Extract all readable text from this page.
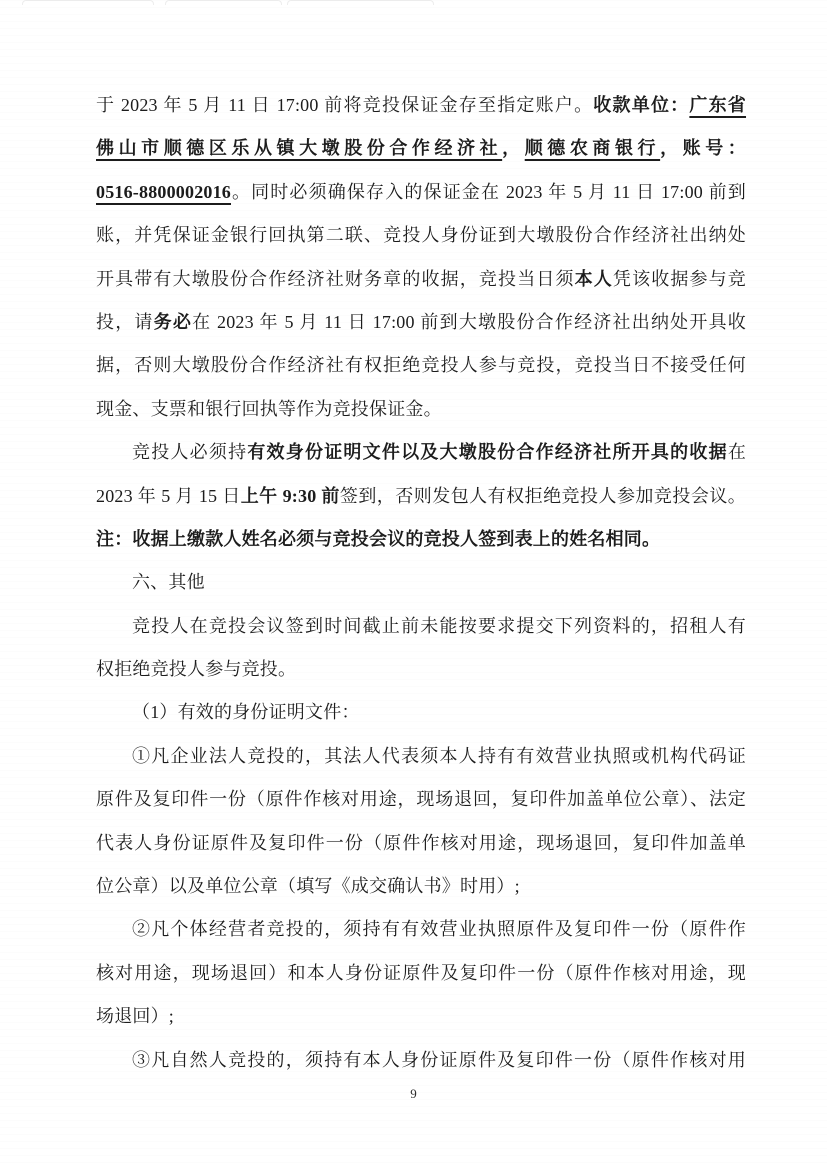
于 2023 年 5 月 11 日 17:00 前将竞投保证金存至指定账户。收款单位：广东省
佛山市顺德区乐从镇大墩股份合作经济社，顺德农商银行，账号：
0516-8800002016。同时必须确保存入的保证金在 2023 年 5 月 11 日 17:00 前到
账，并凭保证金银行回执第二联、竞投人身份证到大墩股份合作经济社出纳处
开具带有大墩股份合作经济社财务章的收据，竞投当日须本人凭该收据参与竞
投，请务必在 2023 年 5 月 11 日 17:00 前到大墩股份合作经济社出纳处开具收
据，否则大墩股份合作经济社有权拒绝竞投人参与竞投，竞投当日不接受任何
现金、支票和银行回执等作为竞投保证金。
竞投人必须持有效身份证明文件以及大墩股份合作经济社所开具的收据在
2023 年 5 月 15 日上午 9:30 前签到，否则发包人有权拒绝竞投人参加竞投会议。
注：收据上缴款人姓名必须与竞投会议的竞投人签到表上的姓名相同。
六、其他
竞投人在竞投会议签到时间截止前未能按要求提交下列资料的，招租人有
权拒绝竞投人参与竞投。
（1）有效的身份证明文件：
①凡企业法人竞投的，其法人代表须本人持有有效营业执照或机构代码证
原件及复印件一份（原件作核对用途，现场退回，复印件加盖单位公章）、法定
代表人身份证原件及复印件一份（原件作核对用途，现场退回，复印件加盖单
位公章）以及单位公章（填写《成交确认书》时用）;
②凡个体经营者竞投的，须持有有效营业执照原件及复印件一份（原件作
核对用途，现场退回）和本人身份证原件及复印件一份（原件作核对用途，现
场退回）;
③凡自然人竞投的，须持有本人身份证原件及复印件一份（原件作核对用
9
